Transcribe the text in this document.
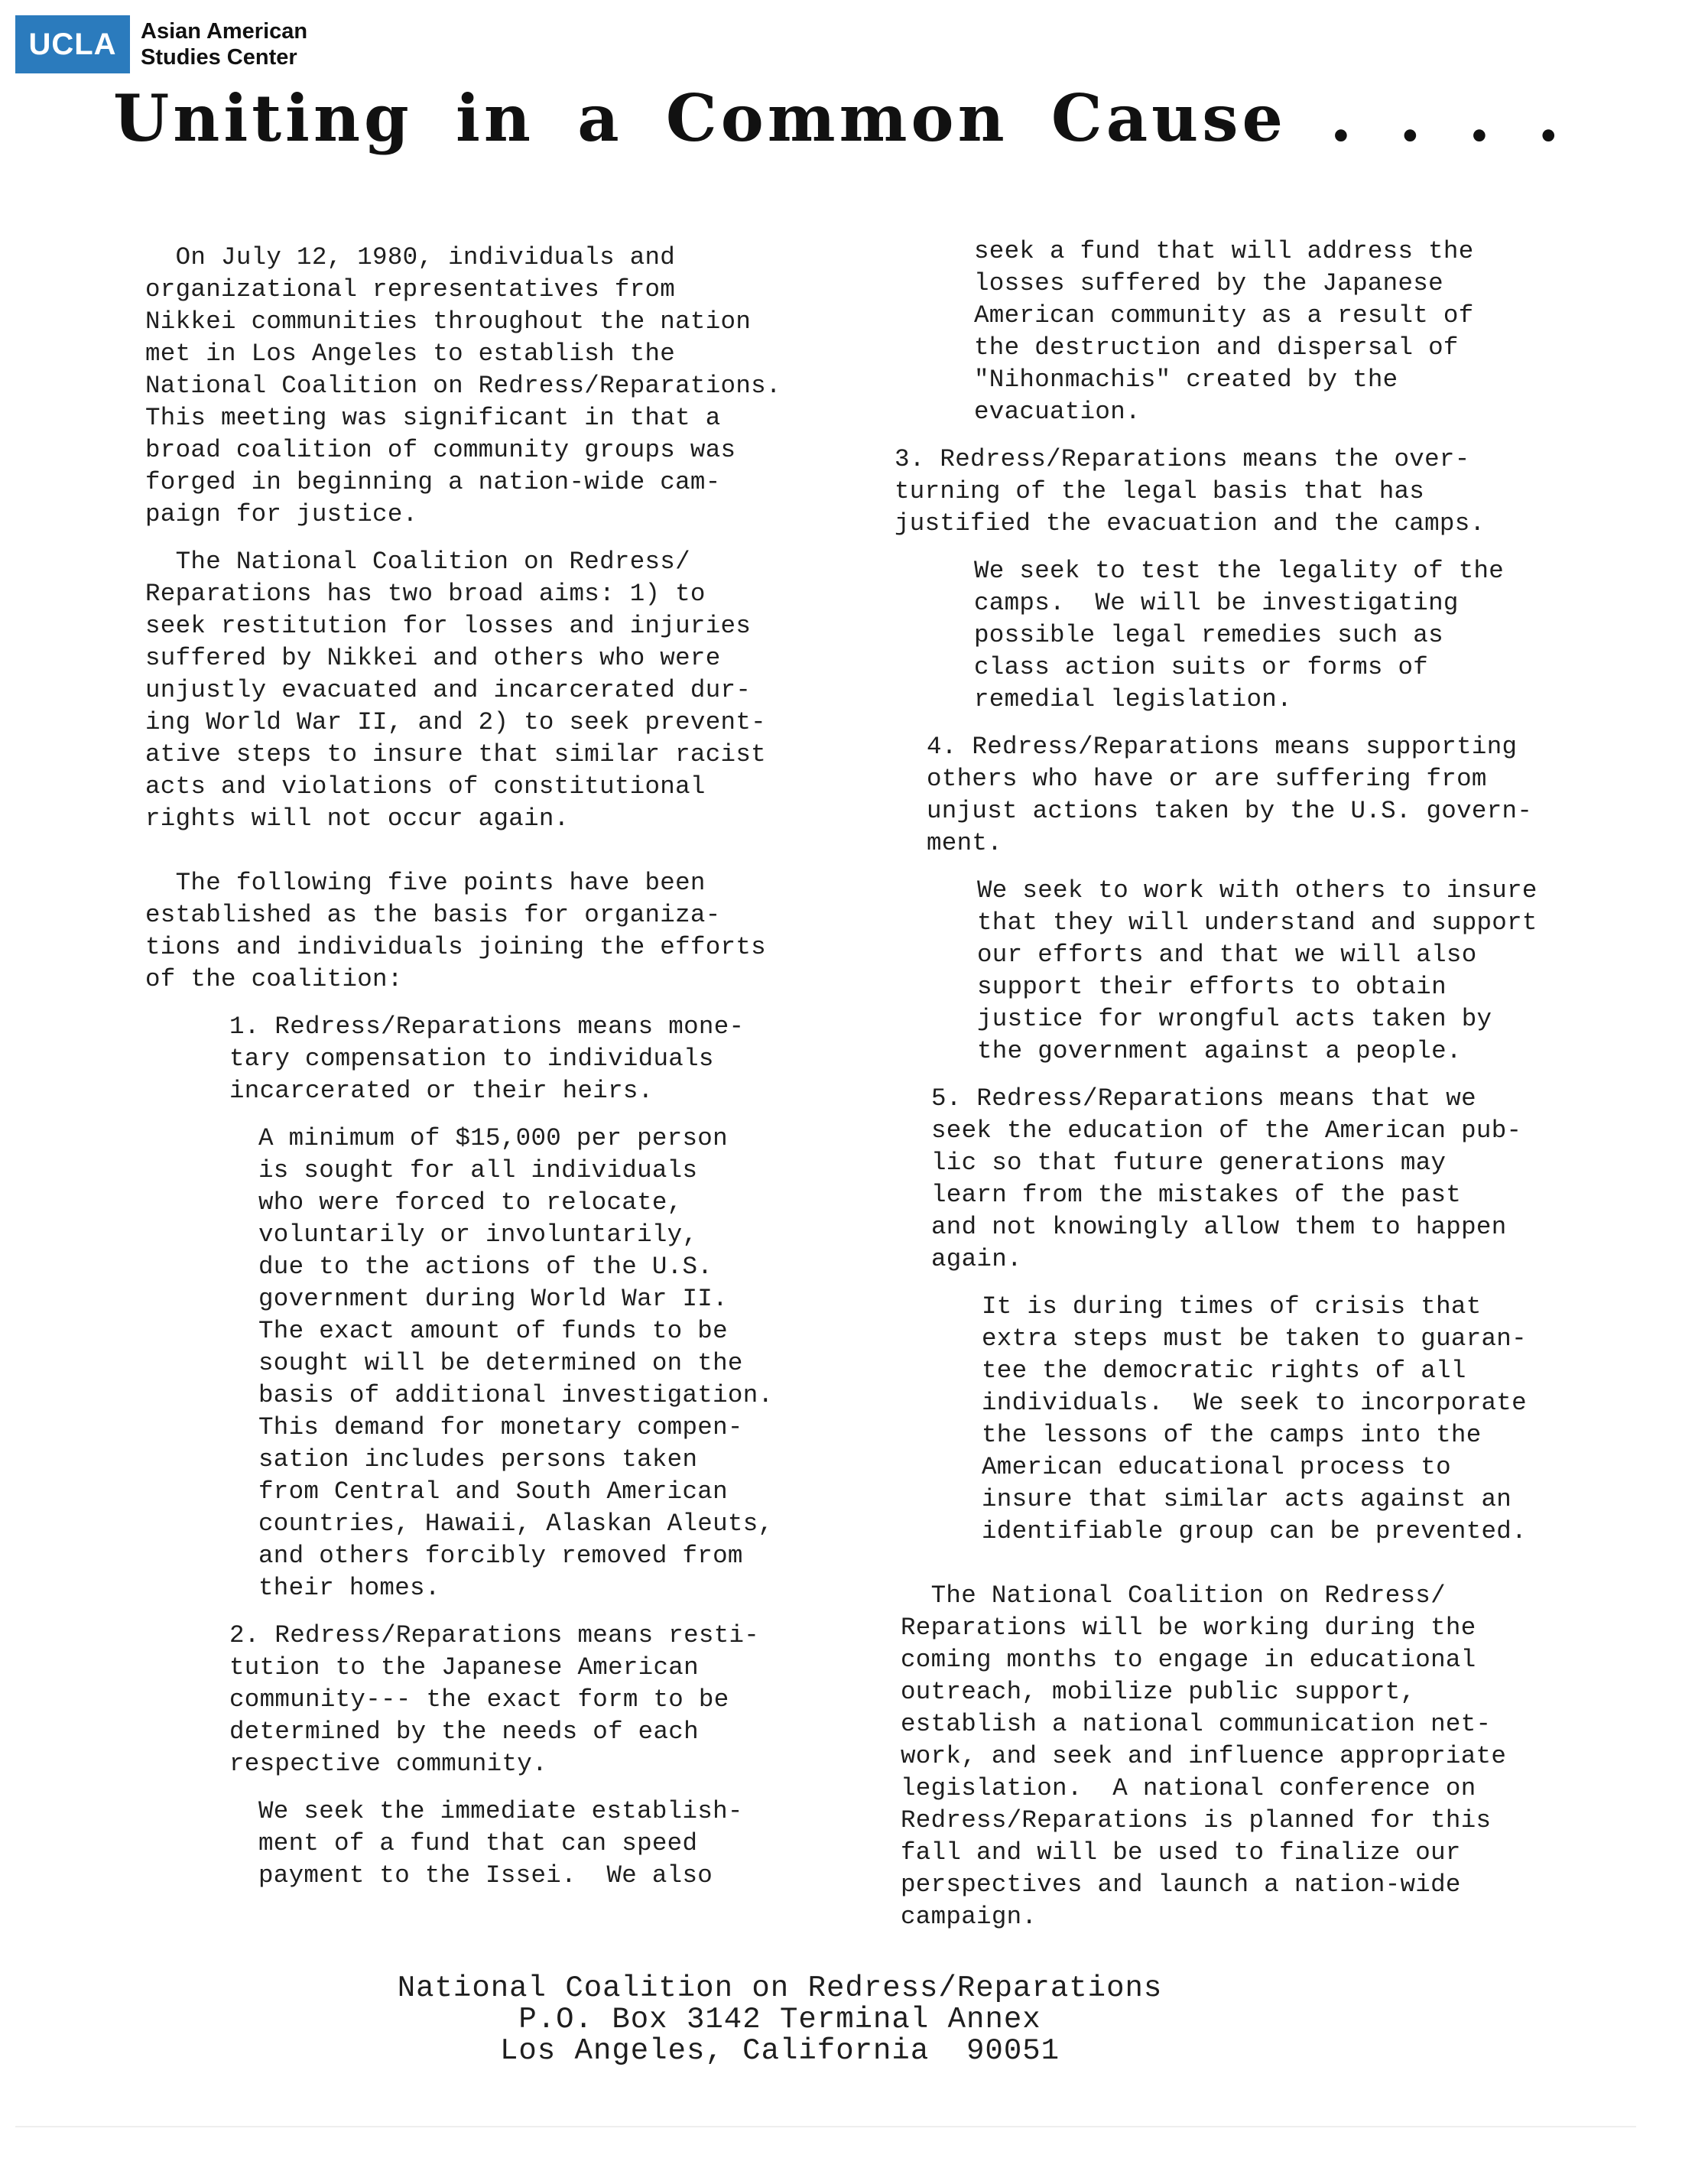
UCLA	Asian American
Studies Center
Uniting in a Common Cause . . . .

On July 12, 1980, individuals and
organizational representatives from
Nikkei communities throughout the nation
met in Los Angeles to establish the
National Coalition on Redress/Reparations.
This meeting was significant in that a
broad coalition of community groups was
forged in beginning a nation-wide cam-
paign for justice.

The National Coalition on Redress/
Reparations has two broad aims: 1) to
seek restitution for losses and injuries
suffered by Nikkei and others who were
unjustly evacuated and incarcerated dur-
ing World War II, and 2) to seek prevent-
ative steps to insure that similar racist
acts and violations of constitutional
rights will not occur again.

The following five points have been
established as the basis for organiza-
tions and individuals joining the efforts
of the coalition:

1. Redress/Reparations means mone-
tary compensation to individuals
incarcerated or their heirs.

A minimum of $15,000 per person
is sought for all individuals
who were forced to relocate,
voluntarily or involuntarily,
due to the actions of the U.S.
government during World War II.
The exact amount of funds to be
sought will be determined on the
basis of additional investigation.
This demand for monetary compen-
sation includes persons taken
from Central and South American
countries, Hawaii, Alaskan Aleuts,
and others forcibly removed from
their homes.

2. Redress/Reparations means resti-
tution to the Japanese American
community--- the exact form to be
determined by the needs of each
respective community.

We seek the immediate establish-
ment of a fund that can speed
payment to the Issei.  We also

seek a fund that will address the
losses suffered by the Japanese
American community as a result of
the destruction and dispersal of
"Nihonmachis" created by the
evacuation.

3. Redress/Reparations means the over-
turning of the legal basis that has
justified the evacuation and the camps.

We seek to test the legality of the
camps.  We will be investigating
possible legal remedies such as
class action suits or forms of
remedial legislation.

4. Redress/Reparations means supporting
others who have or are suffering from
unjust actions taken by the U.S. govern-
ment.

We seek to work with others to insure
that they will understand and support
our efforts and that we will also
support their efforts to obtain
justice for wrongful acts taken by
the government against a people.

5. Redress/Reparations means that we
seek the education of the American pub-
lic so that future generations may
learn from the mistakes of the past
and not knowingly allow them to happen
again.

It is during times of crisis that
extra steps must be taken to guaran-
tee the democratic rights of all
individuals.  We seek to incorporate
the lessons of the camps into the
American educational process to
insure that similar acts against an
identifiable group can be prevented.

The National Coalition on Redress/
Reparations will be working during the
coming months to engage in educational
outreach, mobilize public support,
establish a national communication net-
work, and seek and influence appropriate
legislation.  A national conference on
Redress/Reparations is planned for this
fall and will be used to finalize our
perspectives and launch a nation-wide
campaign.

National Coalition on Redress/Reparations
P.O. Box 3142 Terminal Annex
Los Angeles, California  90051
